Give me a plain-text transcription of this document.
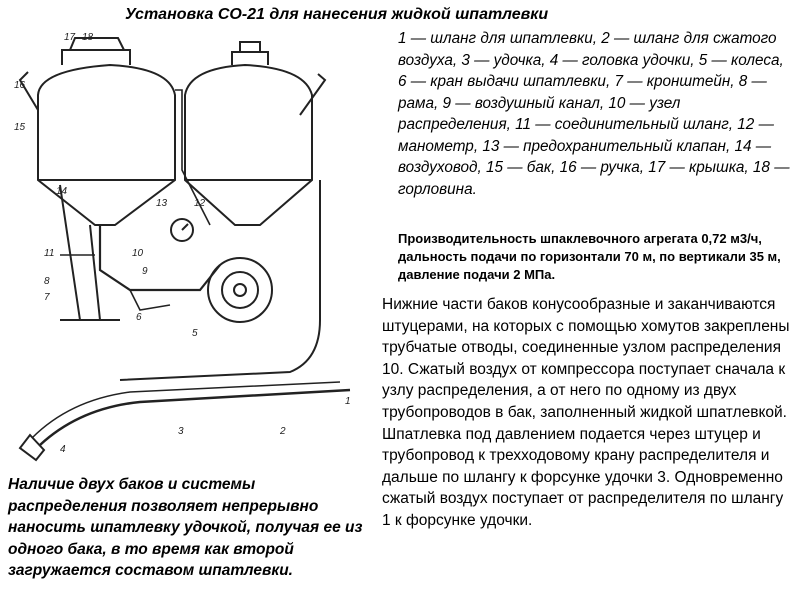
Установка СО-21 для нанесения жидкой шпатлевки
17 18
16
15
14
11
8
7
13	12
10
9
6
5
1
2
3
4
1 — шланг для шпатлевки, 2 — шланг для сжатого воздуха, 3 — удочка, 4 — головка удочки, 5 — колеса, 6 — кран выдачи шпатлевки, 7 — кронштейн, 8 — рама, 9 — воздушный канал, 10 — узел распределения, 11 — соединительный шланг, 12 — манометр, 13 — предохранительный клапан, 14 — воздуховод, 15 — бак, 16 — ручка, 17 — крышка, 18 — горловина.
Производительность шпаклевочного агрегата 0,72 м3/ч, дальность подачи по горизонтали 70 м, по вертикали 35 м, давление подачи 2 МПа.
Нижние части баков конусообразные и заканчиваются штуцерами, на которых с помощью хомутов закреплены трубчатые отводы, соединенные узлом распределения 10. Сжатый воздух от компрессора поступает сначала к узлу распределения, а от него по одному из двух трубопроводов в бак, заполненный жидкой шпатлевкой. Шпатлевка под давлением подается через штуцер и трубопровод к трехходовому крану распределителя и дальше по шлангу к форсунке удочки 3. Одновременно сжатый воздух поступает от распределителя по шлангу 1 к форсунке удочки.
Наличие двух баков и системы распределения позволяет непрерывно наносить шпатлевку удочкой, получая ее из одного бака, в то время как второй загружается составом шпатлевки.
